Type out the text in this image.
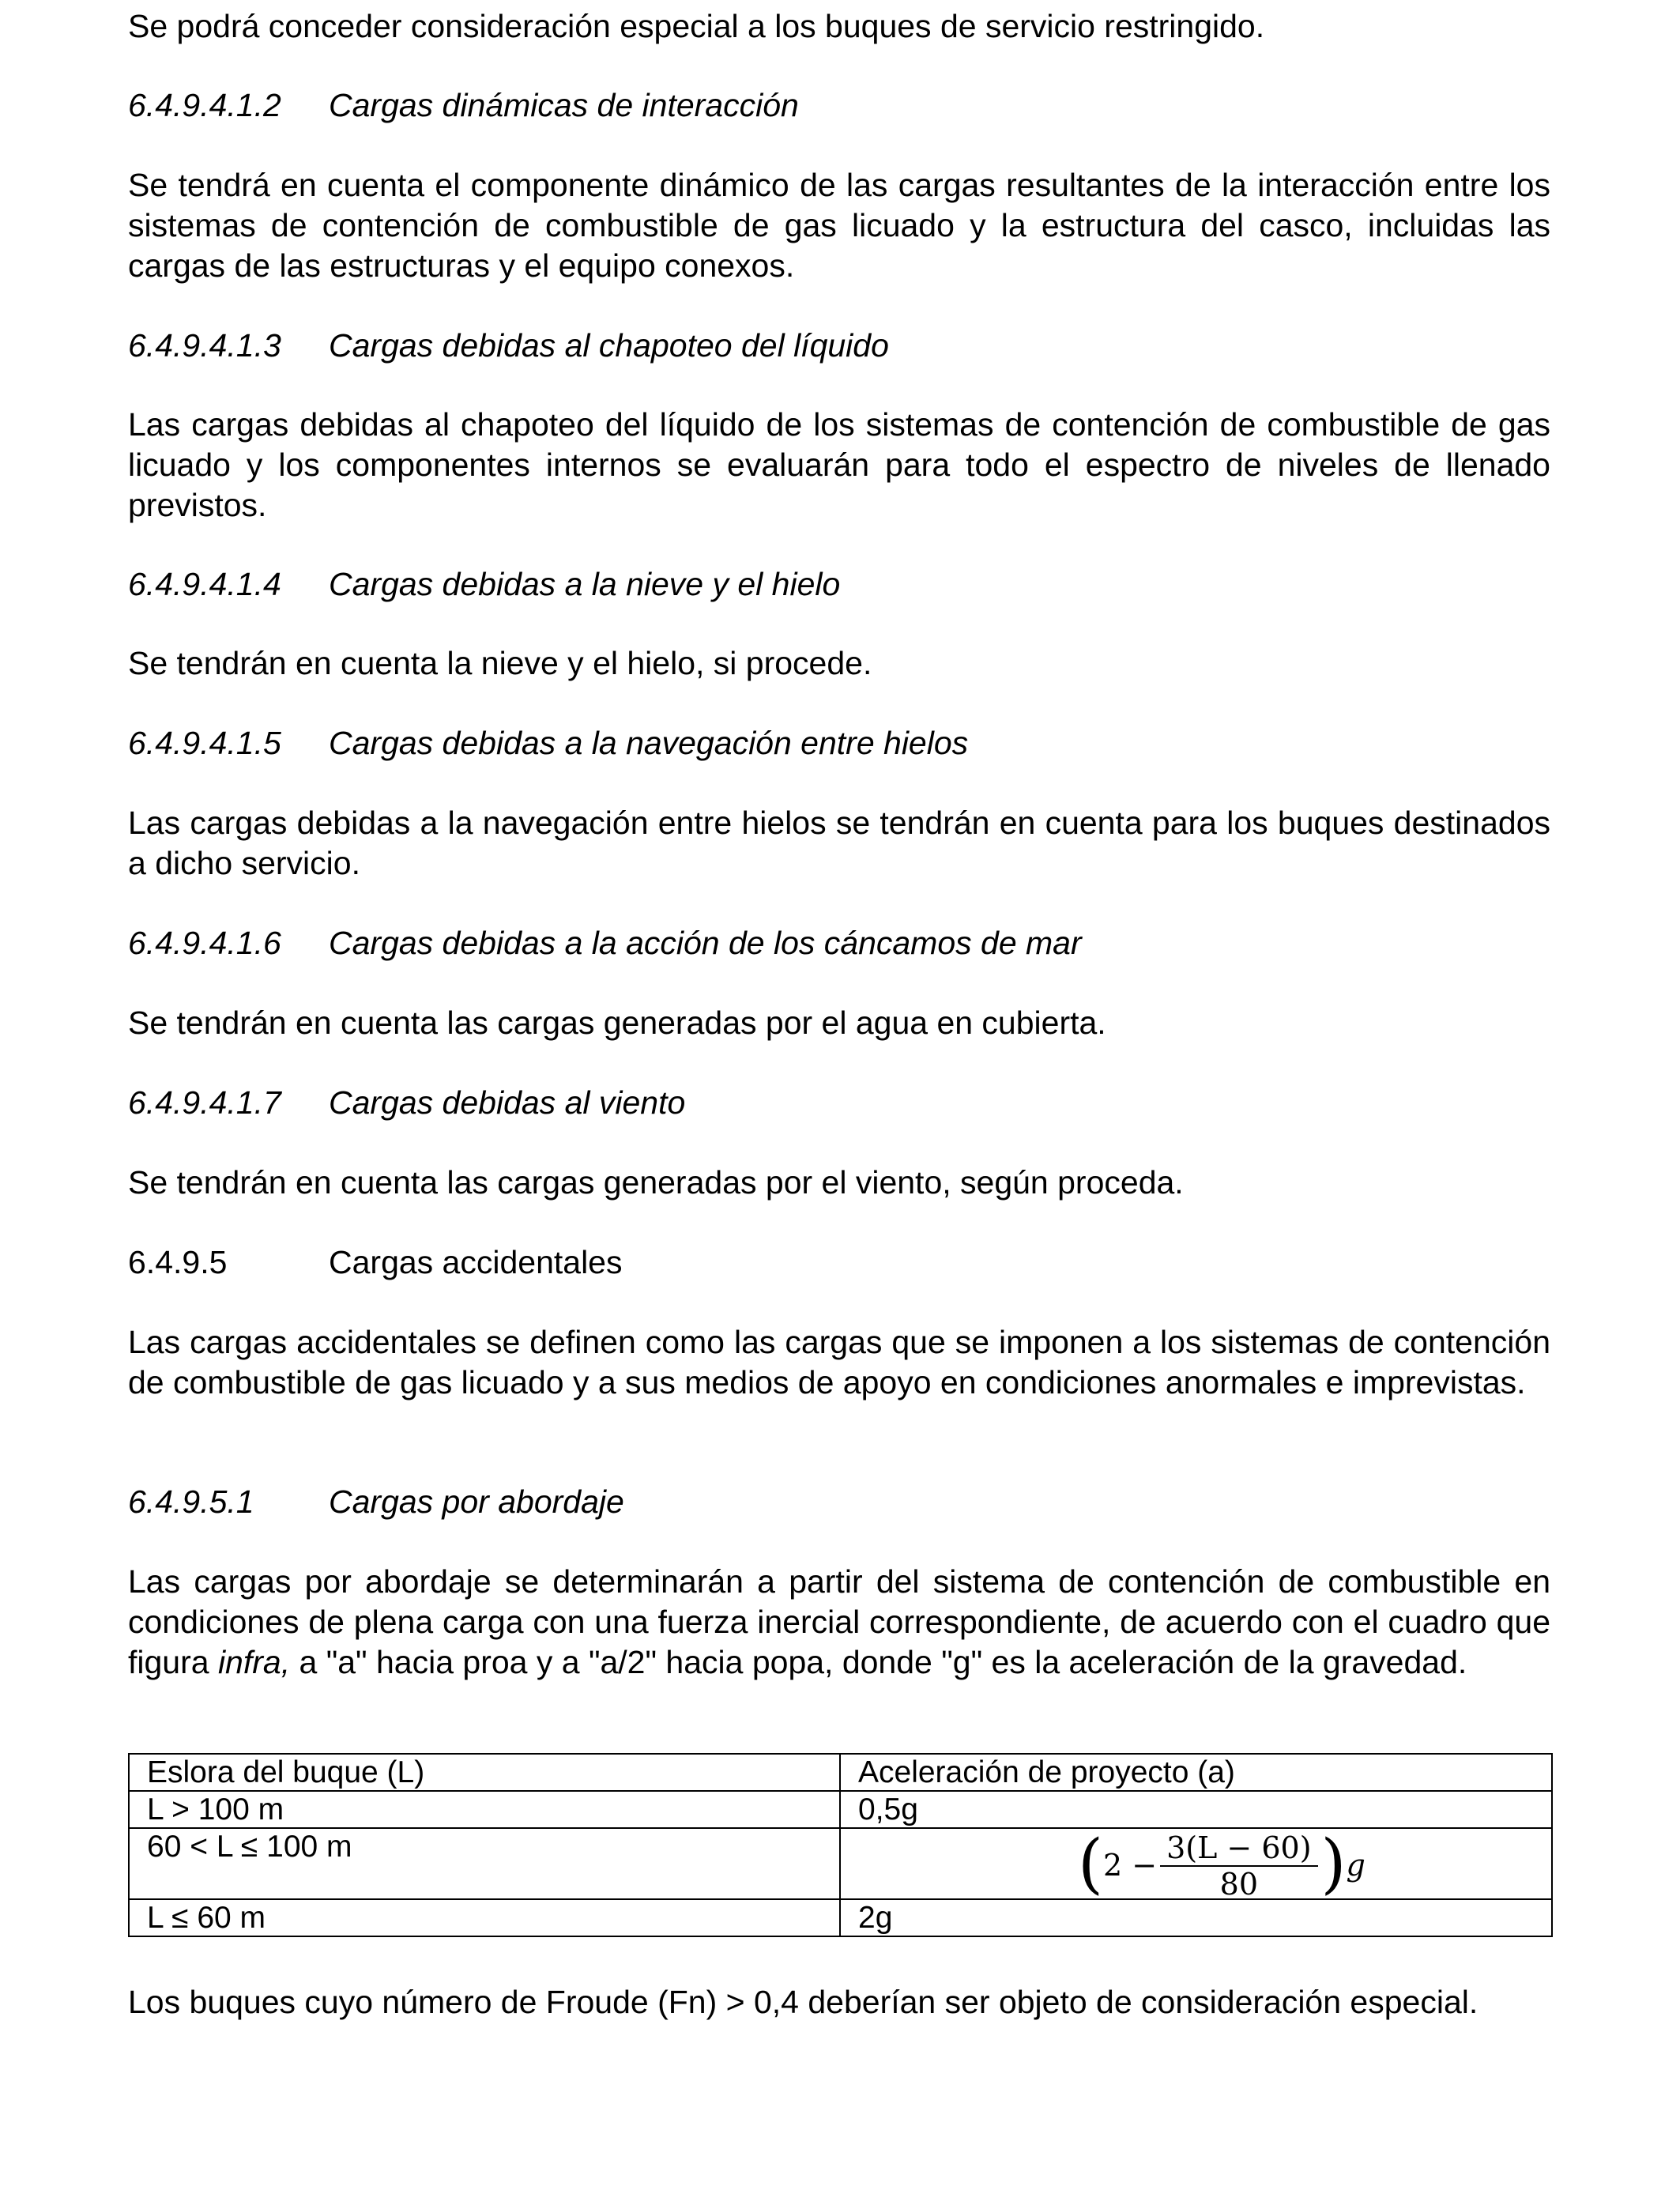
Se podrá conceder consideración especial a los buques de servicio restringido.

6.4.9.4.1.2 Cargas dinámicas de interacción

Se tendrá en cuenta el componente dinámico de las cargas resultantes de la interacción entre los sistemas de contención de combustible de gas licuado y la estructura del casco, incluidas las cargas de las estructuras y el equipo conexos.

6.4.9.4.1.3 Cargas debidas al chapoteo del líquido

Las cargas debidas al chapoteo del líquido de los sistemas de contención de combustible de gas licuado y los componentes internos se evaluarán para todo el espectro de niveles de llenado previstos.

6.4.9.4.1.4 Cargas debidas a la nieve y el hielo

Se tendrán en cuenta la nieve y el hielo, si procede.

6.4.9.4.1.5 Cargas debidas a la navegación entre hielos

Las cargas debidas a la navegación entre hielos se tendrán en cuenta para los buques destinados a dicho servicio.

6.4.9.4.1.6 Cargas debidas a la acción de los cáncamos de mar

Se tendrán en cuenta las cargas generadas por el agua en cubierta.

6.4.9.4.1.7 Cargas debidas al viento

Se tendrán en cuenta las cargas generadas por el viento, según proceda.

6.4.9.5	Cargas accidentales

Las cargas accidentales se definen como las cargas que se imponen a los sistemas de contención de combustible de gas licuado y a sus medios de apoyo en condiciones anormales e imprevistas.

6.4.9.5.1 Cargas por abordaje

Las cargas por abordaje se determinarán a partir del sistema de contención de combustible en condiciones de plena carga con una fuerza inercial correspondiente, de acuerdo con el cuadro que figura infra, a "a" hacia proa y a "a/2" hacia popa, donde "g" es la aceleración de la gravedad.

Eslora del buque (L)	Aceleración de proyecto (a)
L > 100 m	0,5g
60 < L ≤ 100 m	$(2 - \frac{3(L - 60)}{80} )g$

L ≤ 60 m	2g

Los buques cuyo número de Froude (Fn) > 0,4 deberían ser objeto de consideración especial.
